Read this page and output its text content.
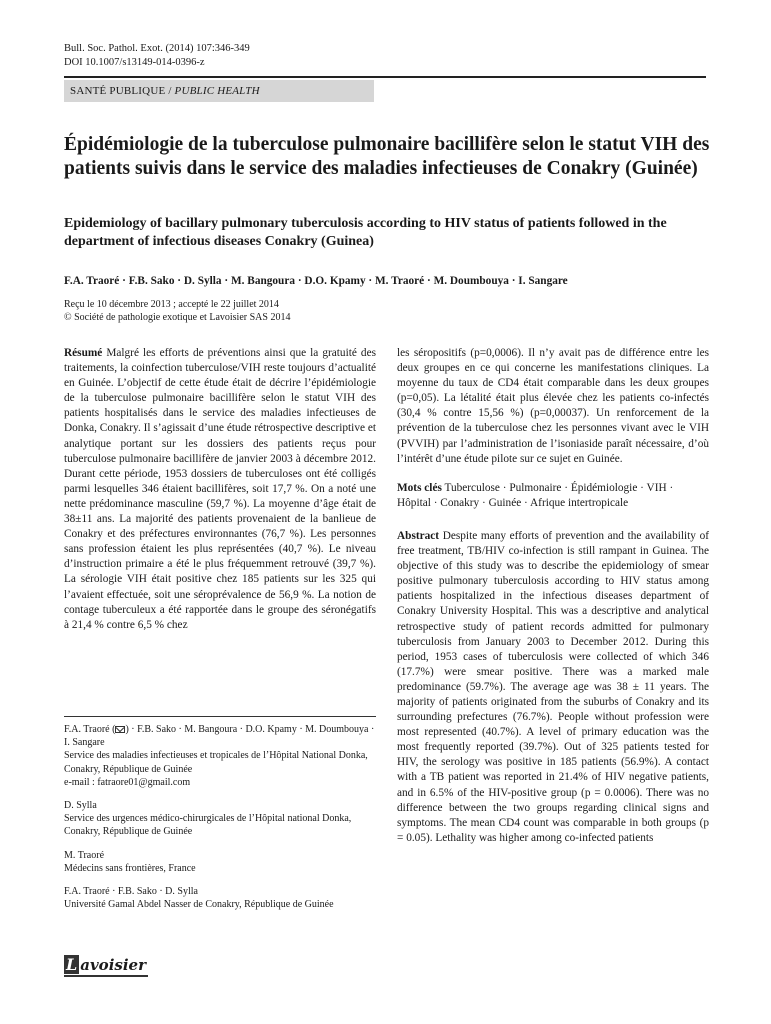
Bull. Soc. Pathol. Exot. (2014) 107:346-349
DOI 10.1007/s13149-014-0396-z
SANTÉ PUBLIQUE / PUBLIC HEALTH
Épidémiologie de la tuberculose pulmonaire bacillifère selon le statut VIH des patients suivis dans le service des maladies infectieuses de Conakry (Guinée)
Epidemiology of bacillary pulmonary tuberculosis according to HIV status of patients followed in the department of infectious diseases Conakry (Guinea)
F.A. Traoré · F.B. Sako · D. Sylla · M. Bangoura · D.O. Kpamy · M. Traoré · M. Doumbouya · I. Sangare
Reçu le 10 décembre 2013 ; accepté le 22 juillet 2014
© Société de pathologie exotique et Lavoisier SAS 2014

Résumé Malgré les efforts de préventions ainsi que la gratuité des traitements, la coinfection tuberculose/VIH reste toujours d’actualité en Guinée. L’objectif de cette étude était de décrire l’épidémiologie de la tuberculose pulmonaire bacillifère selon le statut VIH des patients hospitalisés dans le service des maladies infectieuses de Donka, Conakry. Il s’agissait d’une étude rétrospective descriptive et analytique portant sur les dossiers des patients reçus pour tuberculose pulmonaire bacillifère de janvier 2003 à décembre 2012. Durant cette période, 1953 dossiers de tuberculoses ont été colligés parmi lesquelles 346 étaient bacillifères, soit 17,7 %. On a noté une nette prédominance masculine (59,7 %). La moyenne d’âge était de 38±11 ans. La majorité des patients provenaient de la banlieue de Conakry et des préfectures environnantes (76,7 %). Les personnes sans profession étaient les plus représentées (40,7 %). Le niveau d’instruction primaire a été le plus fréquemment retrouvé (39,7 %). La sérologie VIH était positive chez 185 patients sur les 325 qui l’avaient effectuée, soit une séroprévalence de 56,9 %. La notion de contage tuberculeux a été rapportée dans le groupe des séronégatifs à 21,4 % contre 6,5 % chez

les séropositifs (p=0,0006). Il n’y avait pas de différence entre les deux groupes en ce qui concerne les manifestations cliniques. La moyenne du taux de CD4 était comparable dans les deux groupes (p=0,05). La létalité était plus élevée chez les patients co-infectés (30,4 % contre 15,56 %) (p=0,00037). Un renforcement de la prévention de la tuberculose chez les personnes vivant avec le VIH (PVVIH) par l’administration de l’isoniaside paraît nécessaire, d’où l’intérêt d’une étude pilote sur ce sujet en Guinée.

Mots clés Tuberculose · Pulmonaire · Épidémiologie · VIH · Hôpital · Conakry · Guinée · Afrique intertropicale

Abstract Despite many efforts of prevention and the availability of free treatment, TB/HIV co-infection is still rampant in Guinea. The objective of this study was to describe the epidemiology of smear positive pulmonary tuberculosis according to HIV status among patients hospitalized in the infectious diseases department of Conakry University Hospital. This was a descriptive and analytical retrospective study of patient records admitted for pulmonary tuberculosis from January 2003 to December 2012. During this period, 1953 cases of tuberculosis were collected of which 346 (17.7%) were smear positive. There was a marked male predominance (59.7%). The average age was 38 ± 11 years. The majority of patients originated from the suburbs of Conakry and its surrounding prefectures (76.7%). People without profession were most represented (40.7%). A level of primary education was the most frequently reported (39.7%). Out of 325 patients tested for HIV, the serology was positive in 185 patients (56.9%). A contact with a TB patient was reported in 21.4% of HIV negative patients, and in 6.5% of the HIV-positive group (p = 0.0006). There was no difference between the two groups regarding clinical signs and symptoms. The mean CD4 count was comparable in both groups (p = 0.05). Lethality was higher among co-infected patients

F.A. Traoré ( ) · F.B. Sako · M. Bangoura · D.O. Kpamy · M. Doumbouya · I. Sangare
Service des maladies infectieuses et tropicales de l’Hôpital National Donka, Conakry, République de Guinée
e-mail : fatraore01@gmail.com
D. Sylla
Service des urgences médico-chirurgicales de l’Hôpital national Donka, Conakry, République de Guinée
M. Traoré
Médecins sans frontières, France
F.A. Traoré · F.B. Sako · D. Sylla
Université Gamal Abdel Nasser de Conakry, République de Guinée
L avoisier
